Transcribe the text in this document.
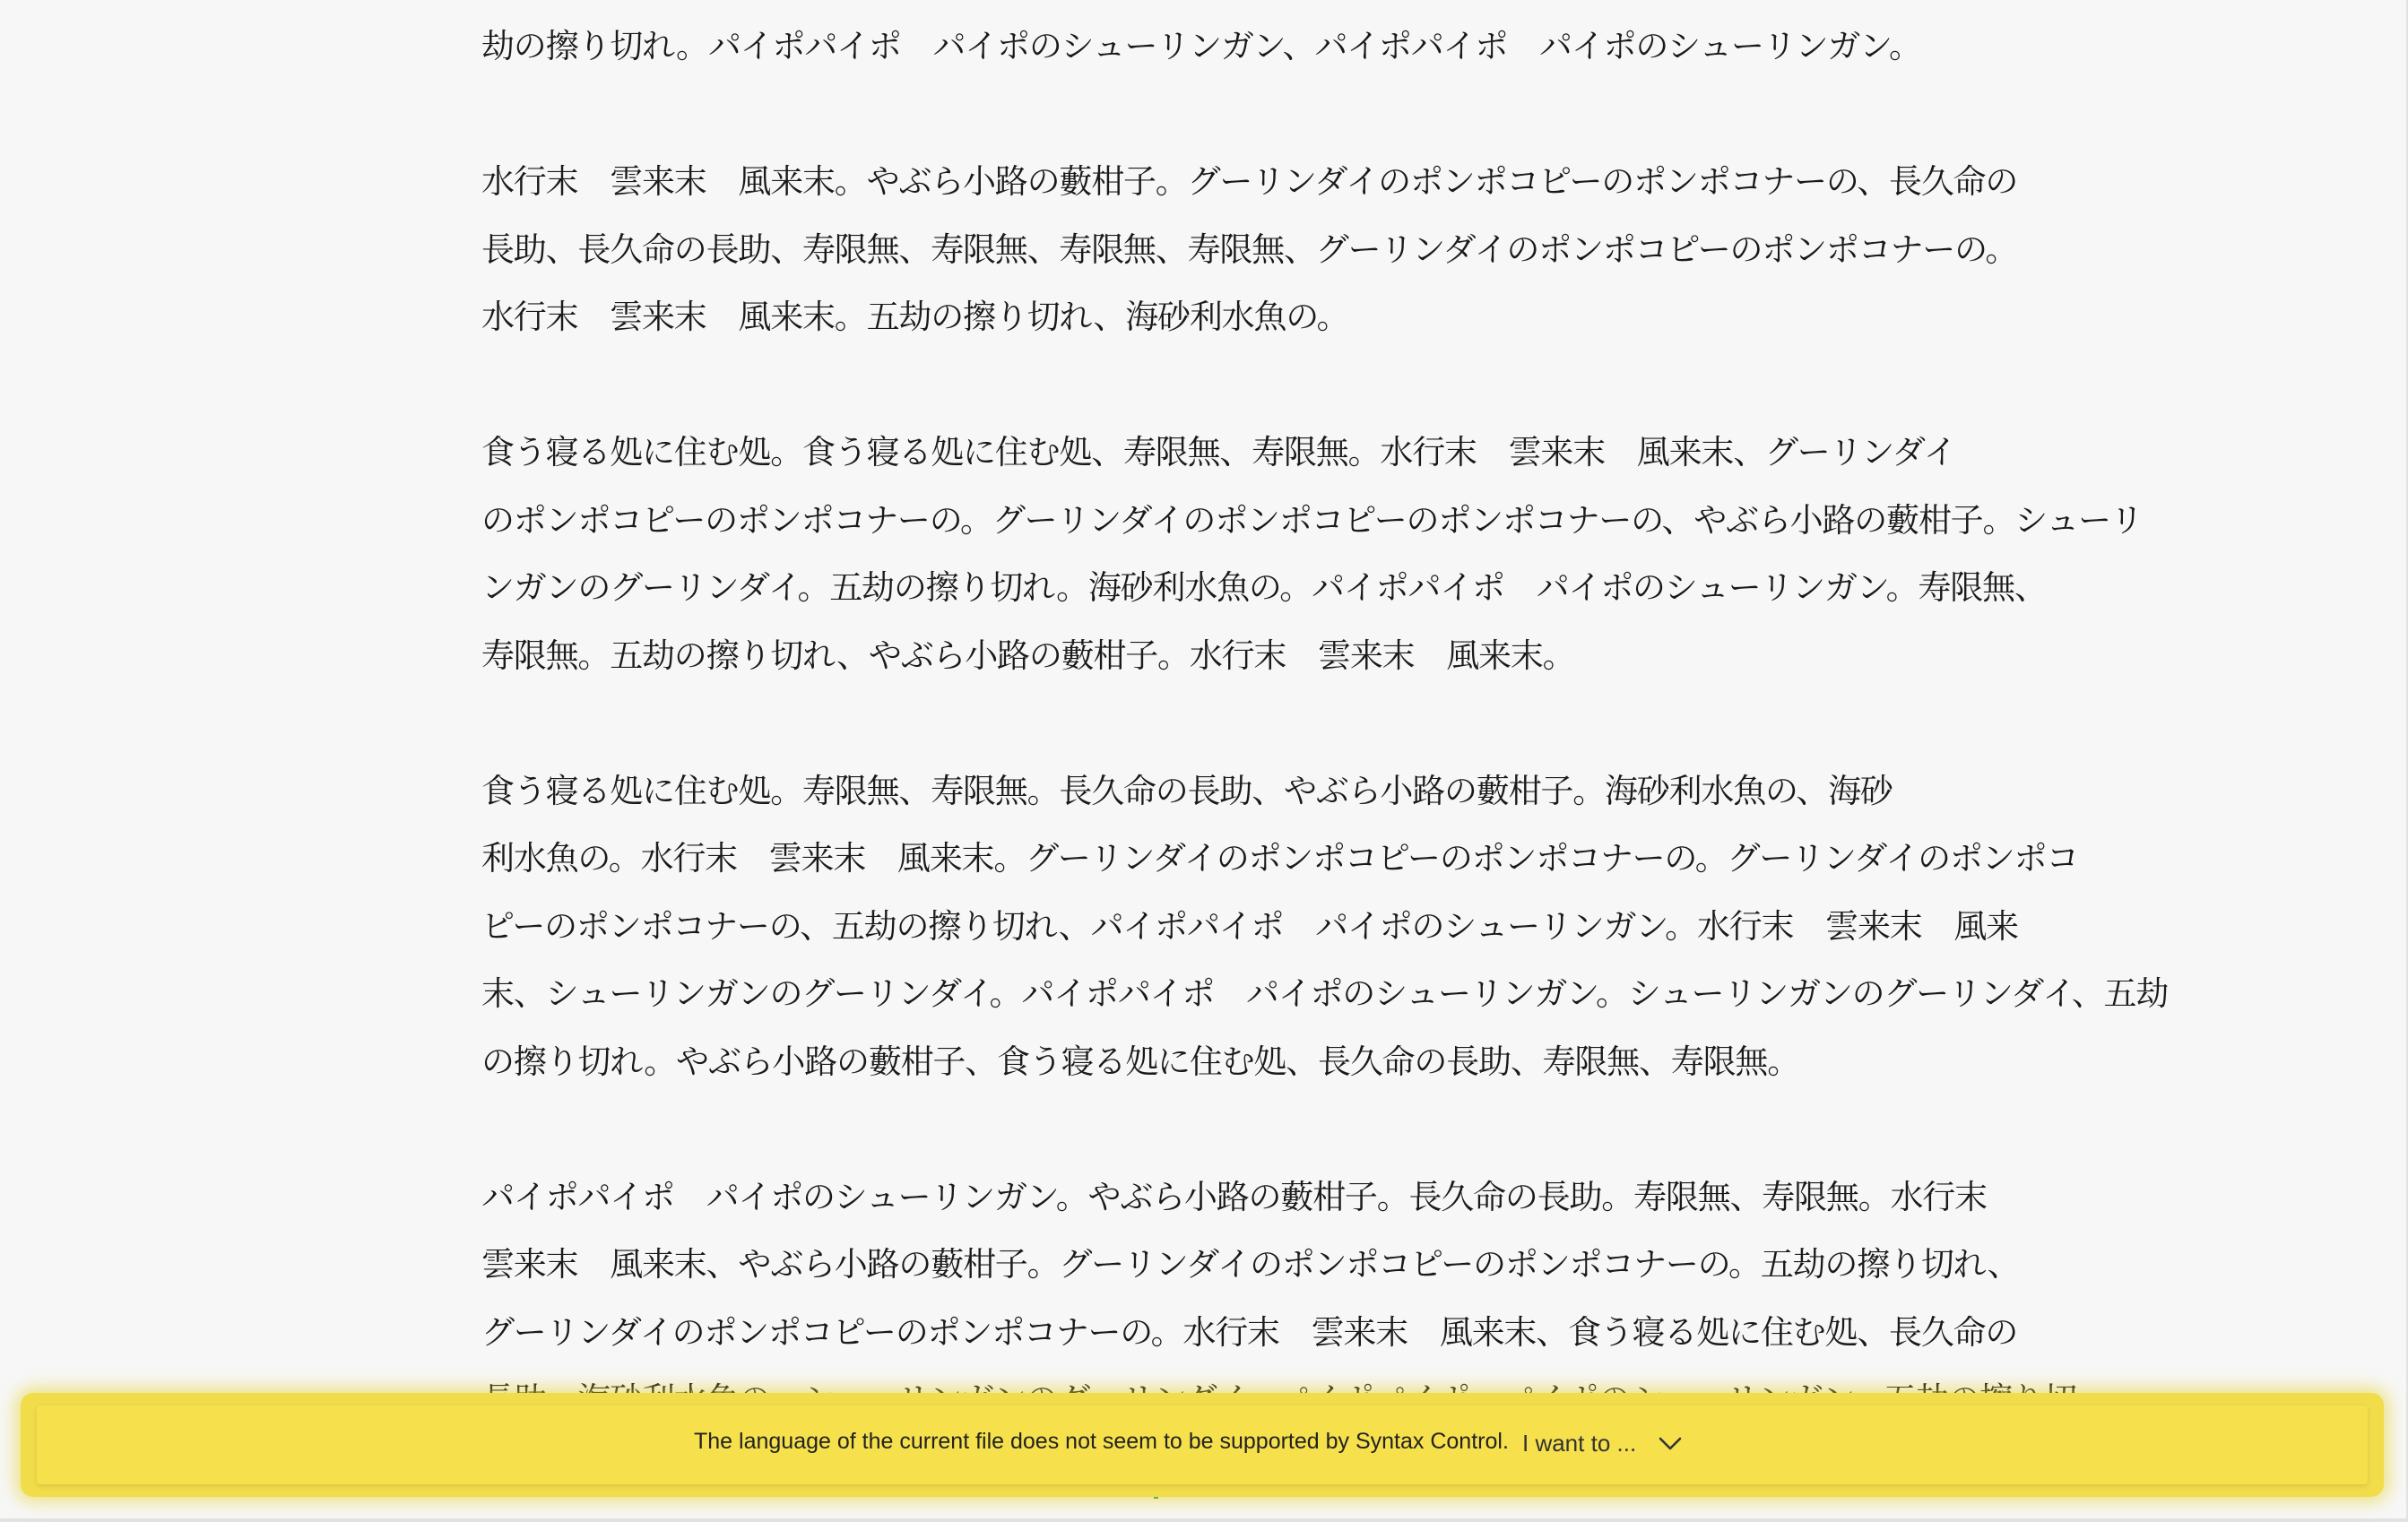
劫の擦り切れ。パイポパイポ　パイポのシューリンガン、パイポパイポ　パイポのシューリンガン。
水行末　雲来末　風来末。やぶら小路の藪柑子。グーリンダイのポンポコピーのポンポコナーの、長久命の
長助、長久命の長助、寿限無、寿限無、寿限無、寿限無、グーリンダイのポンポコピーのポンポコナーの。
水行末　雲来末　風来末。五劫の擦り切れ、海砂利水魚の。
食う寝る処に住む処。食う寝る処に住む処、寿限無、寿限無。水行末　雲来末　風来末、グーリンダイ
のポンポコピーのポンポコナーの。グーリンダイのポンポコピーのポンポコナーの、やぶら小路の藪柑子。シューリ
ンガンのグーリンダイ。五劫の擦り切れ。海砂利水魚の。パイポパイポ　パイポのシューリンガン。寿限無、
寿限無。五劫の擦り切れ、やぶら小路の藪柑子。水行末　雲来末　風来末。
食う寝る処に住む処。寿限無、寿限無。長久命の長助、やぶら小路の藪柑子。海砂利水魚の、海砂
利水魚の。水行末　雲来末　風来末。グーリンダイのポンポコピーのポンポコナーの。グーリンダイのポンポコ
ピーのポンポコナーの、五劫の擦り切れ、パイポパイポ　パイポのシューリンガン。水行末　雲来末　風来
末、シューリンガンのグーリンダイ。パイポパイポ　パイポのシューリンガン。シューリンガンのグーリンダイ、五劫
の擦り切れ。やぶら小路の藪柑子、食う寝る処に住む処、長久命の長助、寿限無、寿限無。
パイポパイポ　パイポのシューリンガン。やぶら小路の藪柑子。長久命の長助。寿限無、寿限無。水行末
雲来末　風来末、やぶら小路の藪柑子。グーリンダイのポンポコピーのポンポコナーの。五劫の擦り切れ、
グーリンダイのポンポコピーのポンポコナーの。水行末　雲来末　風来末、食う寝る処に住む処、長久命の
The language of the current file does not seem to be supported by Syntax Control. I want to ...
